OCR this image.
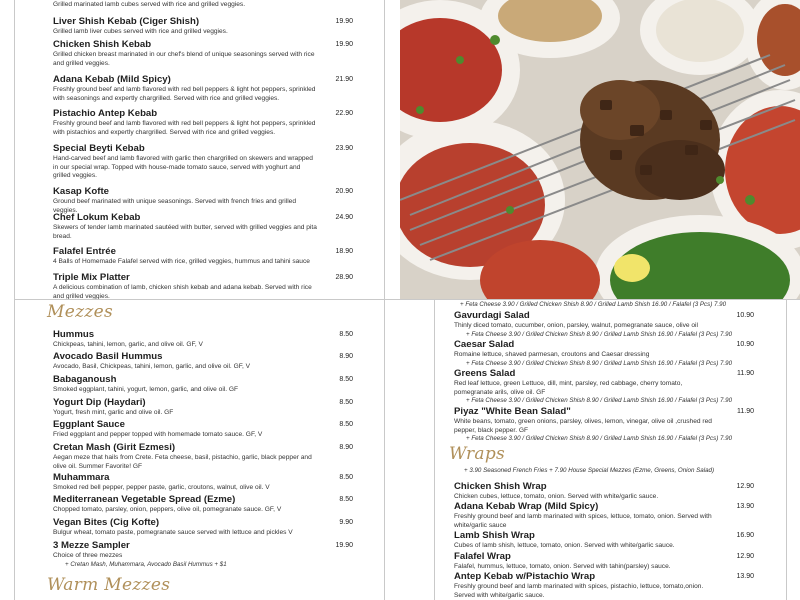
Grilled marinated lamb cubes served with rice and grilled veggies.
Liver Shish Kebab (Ciger Shish)
Grilled lamb liver cubes served with rice and grilled veggies.
19.90
Chicken Shish Kebab
Grilled chicken breast marinated in our chef's blend of unique seasonings served with rice and grilled veggies.
19.90
Adana Kebab (Mild Spicy)
Freshly ground beef and lamb flavored with red bell peppers & light hot peppers, sprinkled with seasonings and expertly chargrilled. Served with rice and grilled veggies.
21.90
Pistachio Antep Kebab
Freshly ground beef and lamb flavored with red bell peppers & light hot peppers, sprinkled with pistachios and expertly chargrilled. Served with rice and grilled veggies.
22.90
Special Beyti Kebab
Hand-carved beef and lamb flavored with garlic then chargrilled on skewers and wrapped in our special wrap. Topped with house-made tomato sauce, served with yoghurt and grilled veggies.
23.90
Kasap Kofte
Ground beef marinated with unique seasonings. Served with french fries and grilled veggies.
20.90
Chef Lokum Kebab
Skewers of tender lamb marinated sautéed with butter, served with grilled veggies and pita bread.
24.90
Falafel Entrée
4 Balls of Homemade Falafel served with rice, grilled veggies, hummus and tahini sauce
18.90
Triple Mix Platter
A delicious combination of lamb, chicken shish kebab and adana kebab. Served with rice and grilled veggies.
28.90
Mezzes
Hummus
Chickpeas, tahini, lemon, garlic, and olive oil. GF, V
8.50
Avocado Basil Hummus
Avocado, Basil, Chickpeas, tahini, lemon, garlic, and olive oil. GF, V
8.90
Babaganoush
Smoked eggplant, tahini, yogurt, lemon, garlic, and olive oil. GF
8.50
Yogurt Dip (Haydari)
Yogurt, fresh mint, garlic and olive oil. GF
8.50
Eggplant Sauce
Fried eggplant and pepper topped with homemade tomato sauce. GF, V
8.50
Cretan Mash (Girit Ezmesi)
Aegan meze that hails from Crete. Feta cheese, basil, pistachio, garlic, black pepper and olive oil. Summer Favorite! GF
8.90
Muhammara
Smoked red bell pepper, pepper paste, garlic, croutons, walnut, olive oil. V
8.50
Mediterranean Vegetable Spread (Ezme)
Chopped tomato, parsley, onion, peppers, olive oil, pomegranate sauce. GF, V
8.50
Vegan Bites (Cig Kofte)
Bulgur wheat, tomato paste, pomegranate sauce served with lettuce and pickles V
9.90
3 Mezze Sampler
Choice of three mezzes
+ Cretan Mash, Muhammara, Avocado Basil Hummus + $1
19.90
Warm Mezzes
+ Feta Cheese 3.90 / Grilled Chicken Shish 8.90 / Grilled Lamb Shish 16.90 / Falafel (3 Pcs) 7.90
Gavurdagi Salad
Thinly diced tomato, cucumber, onion, parsley, walnut, pomegranate sauce, olive oil
+ Feta Cheese 3.90 / Grilled Chicken Shish 8.90 / Grilled Lamb Shish 16.90 / Falafel (3 Pcs) 7.90
10.90
Caesar Salad
Romaine lettuce, shaved parmesan, croutons and Caesar dressing
+ Feta Cheese 3.90 / Grilled Chicken Shish 8.90 / Grilled Lamb Shish 16.90 / Falafel (3 Pcs) 7.90
10.90
Greens Salad
Red leaf lettuce, green Lettuce, dill, mint, parsley, red cabbage, cherry tomato, pomegranate arils, olive oil. GF
+ Feta Cheese 3.90 / Grilled Chicken Shish 8.90 / Grilled Lamb Shish 16.90 / Falafel (3 Pcs) 7.90
11.90
Piyaz "White Bean Salad"
White beans, tomato, green onions, parsley, olives, lemon, vinegar, olive oil ,crushed red pepper, black pepper. GF
+ Feta Cheese 3.90 / Grilled Chicken Shish 8.90 / Grilled Lamb Shish 16.90 / Falafel (3 Pcs) 7.90
11.90
Wraps
+ 3.90 Seasoned French Fries + 7.90 House Special Mezzes (Ezme, Greens, Onion Salad)
Chicken Shish Wrap
Chicken cubes, lettuce, tomato, onion. Served with white/garlic sauce.
12.90
Adana Kebab Wrap (Mild Spicy)
Freshly ground beef and lamb marinated with spices, lettuce, tomato, onion. Served with white/garlic sauce
13.90
Lamb Shish Wrap
Cubes of lamb shish, lettuce, tomato, onion. Served with white/garlic sauce.
16.90
Falafel Wrap
Falafel, hummus, lettuce, tomato, onion. Served with tahin(parsley) sauce.
12.90
Antep Kebab w/Pistachio Wrap
Freshly ground beef and lamb marinated with spices, pistachio, lettuce, tomato,onion. Served with white/garlic sauce.
13.90
